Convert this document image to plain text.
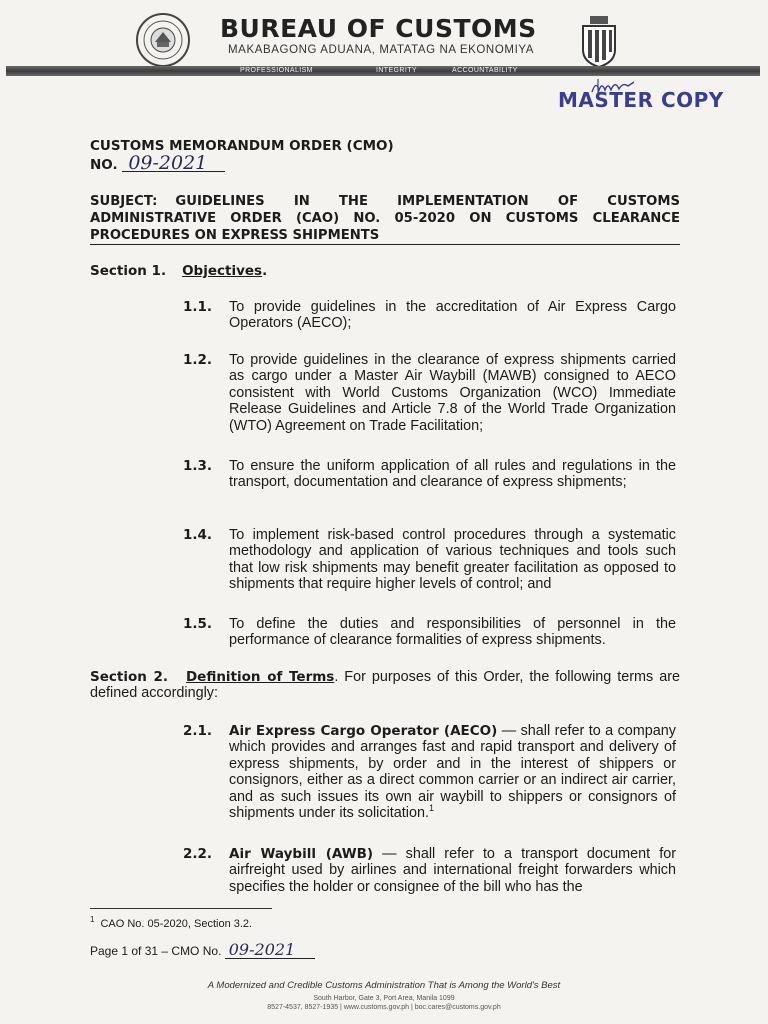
BUREAU OF CUSTOMS
MAKABAGONG ADUANA, MATATAG NA EKONOMIYA
PROFESSIONALISM	INTEGRITY	ACCOUNTABILITY
MASTER COPY
CUSTOMS MEMORANDUM ORDER (CMO)
NO. 09-2021
SUBJECT: GUIDELINES IN THE IMPLEMENTATION OF CUSTOMS ADMINISTRATIVE ORDER (CAO) NO. 05-2020 ON CUSTOMS CLEARANCE PROCEDURES ON EXPRESS SHIPMENTS
Section 1. Objectives.
1.1. To provide guidelines in the accreditation of Air Express Cargo Operators (AECO);
1.2. To provide guidelines in the clearance of express shipments carried as cargo under a Master Air Waybill (MAWB) consigned to AECO consistent with World Customs Organization (WCO) Immediate Release Guidelines and Article 7.8 of the World Trade Organization (WTO) Agreement on Trade Facilitation;
1.3. To ensure the uniform application of all rules and regulations in the transport, documentation and clearance of express shipments;
1.4. To implement risk-based control procedures through a systematic methodology and application of various techniques and tools such that low risk shipments may benefit greater facilitation as opposed to shipments that require higher levels of control; and
1.5. To define the duties and responsibilities of personnel in the performance of clearance formalities of express shipments.
Section 2. Definition of Terms. For purposes of this Order, the following terms are defined accordingly:
2.1. Air Express Cargo Operator (AECO) — shall refer to a company which provides and arranges fast and rapid transport and delivery of express shipments, by order and in the interest of shippers or consignors, either as a direct common carrier or an indirect air carrier, and as such issues its own air waybill to shippers or consignors of shipments under its solicitation.$^1$
2.2. Air Waybill (AWB) — shall refer to a transport document for airfreight used by airlines and international freight forwarders which specifies the holder or consignee of the bill who has the
$^1$ CAO No. 05-2020, Section 3.2.
Page 1 of 31 – CMO No. 09-2021
A Modernized and Credible Customs Administration That is Among the World's Best
South Harbor, Gate 3, Port Area, Manila 1099
8527-4537, 8527-1935 | www.customs.gov.ph | boc.cares@customs.gov.ph
